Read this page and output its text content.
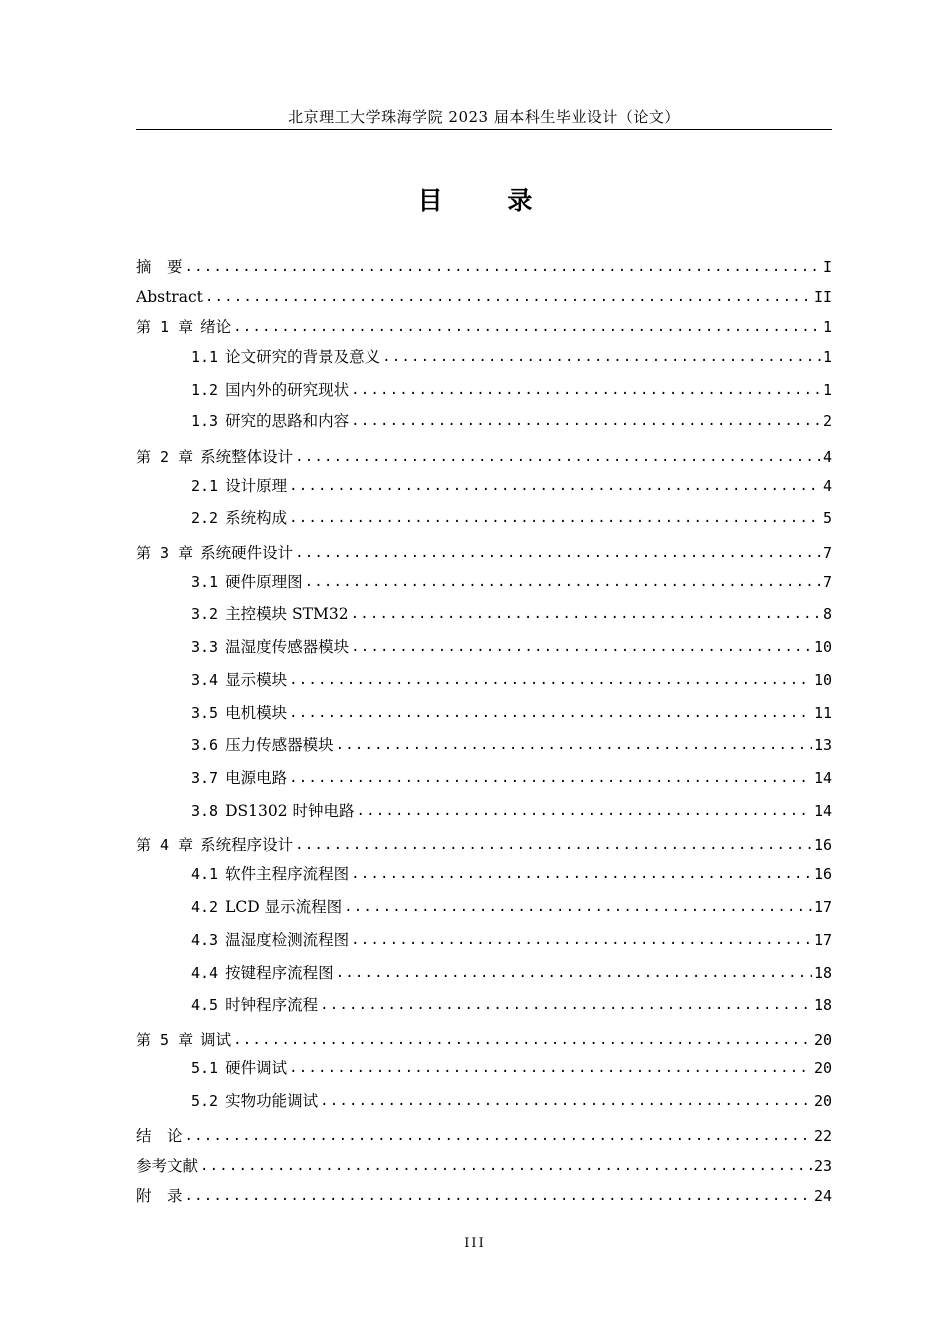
北京理工大学珠海学院 2023 届本科生毕业设计（论文）
目 录
摘　要 .....	I
Abstract .....	II
第 1 章 绪论 .....	1
1.1 论文研究的背景及意义 .....	1
1.2 国内外的研究现状 .....	1
1.3 研究的思路和内容 .....	2
第 2 章 系统整体设计 .....	4
2.1 设计原理 .....	4
2.2 系统构成 .....	5
第 3 章 系统硬件设计 .....	7
3.1 硬件原理图 .....	7
3.2 主控模块 STM32 .....	8
3.3 温湿度传感器模块 .....	10
3.4 显示模块 .....	10
3.5 电机模块 .....	11
3.6 压力传感器模块 .....	13
3.7 电源电路 .....	14
3.8 DS1302 时钟电路 .....	14
第 4 章 系统程序设计 .....	16
4.1 软件主程序流程图 .....	16
4.2 LCD 显示流程图 .....	17
4.3 温湿度检测流程图 .....	17
4.4 按键程序流程图 .....	18
4.5 时钟程序流程 .....	18
第 5 章 调试 .....	20
5.1 硬件调试 .....	20
5.2 实物功能调试 .....	20
结　论 .....	22
参考文献 .....	23
附　录 .....	24
III
